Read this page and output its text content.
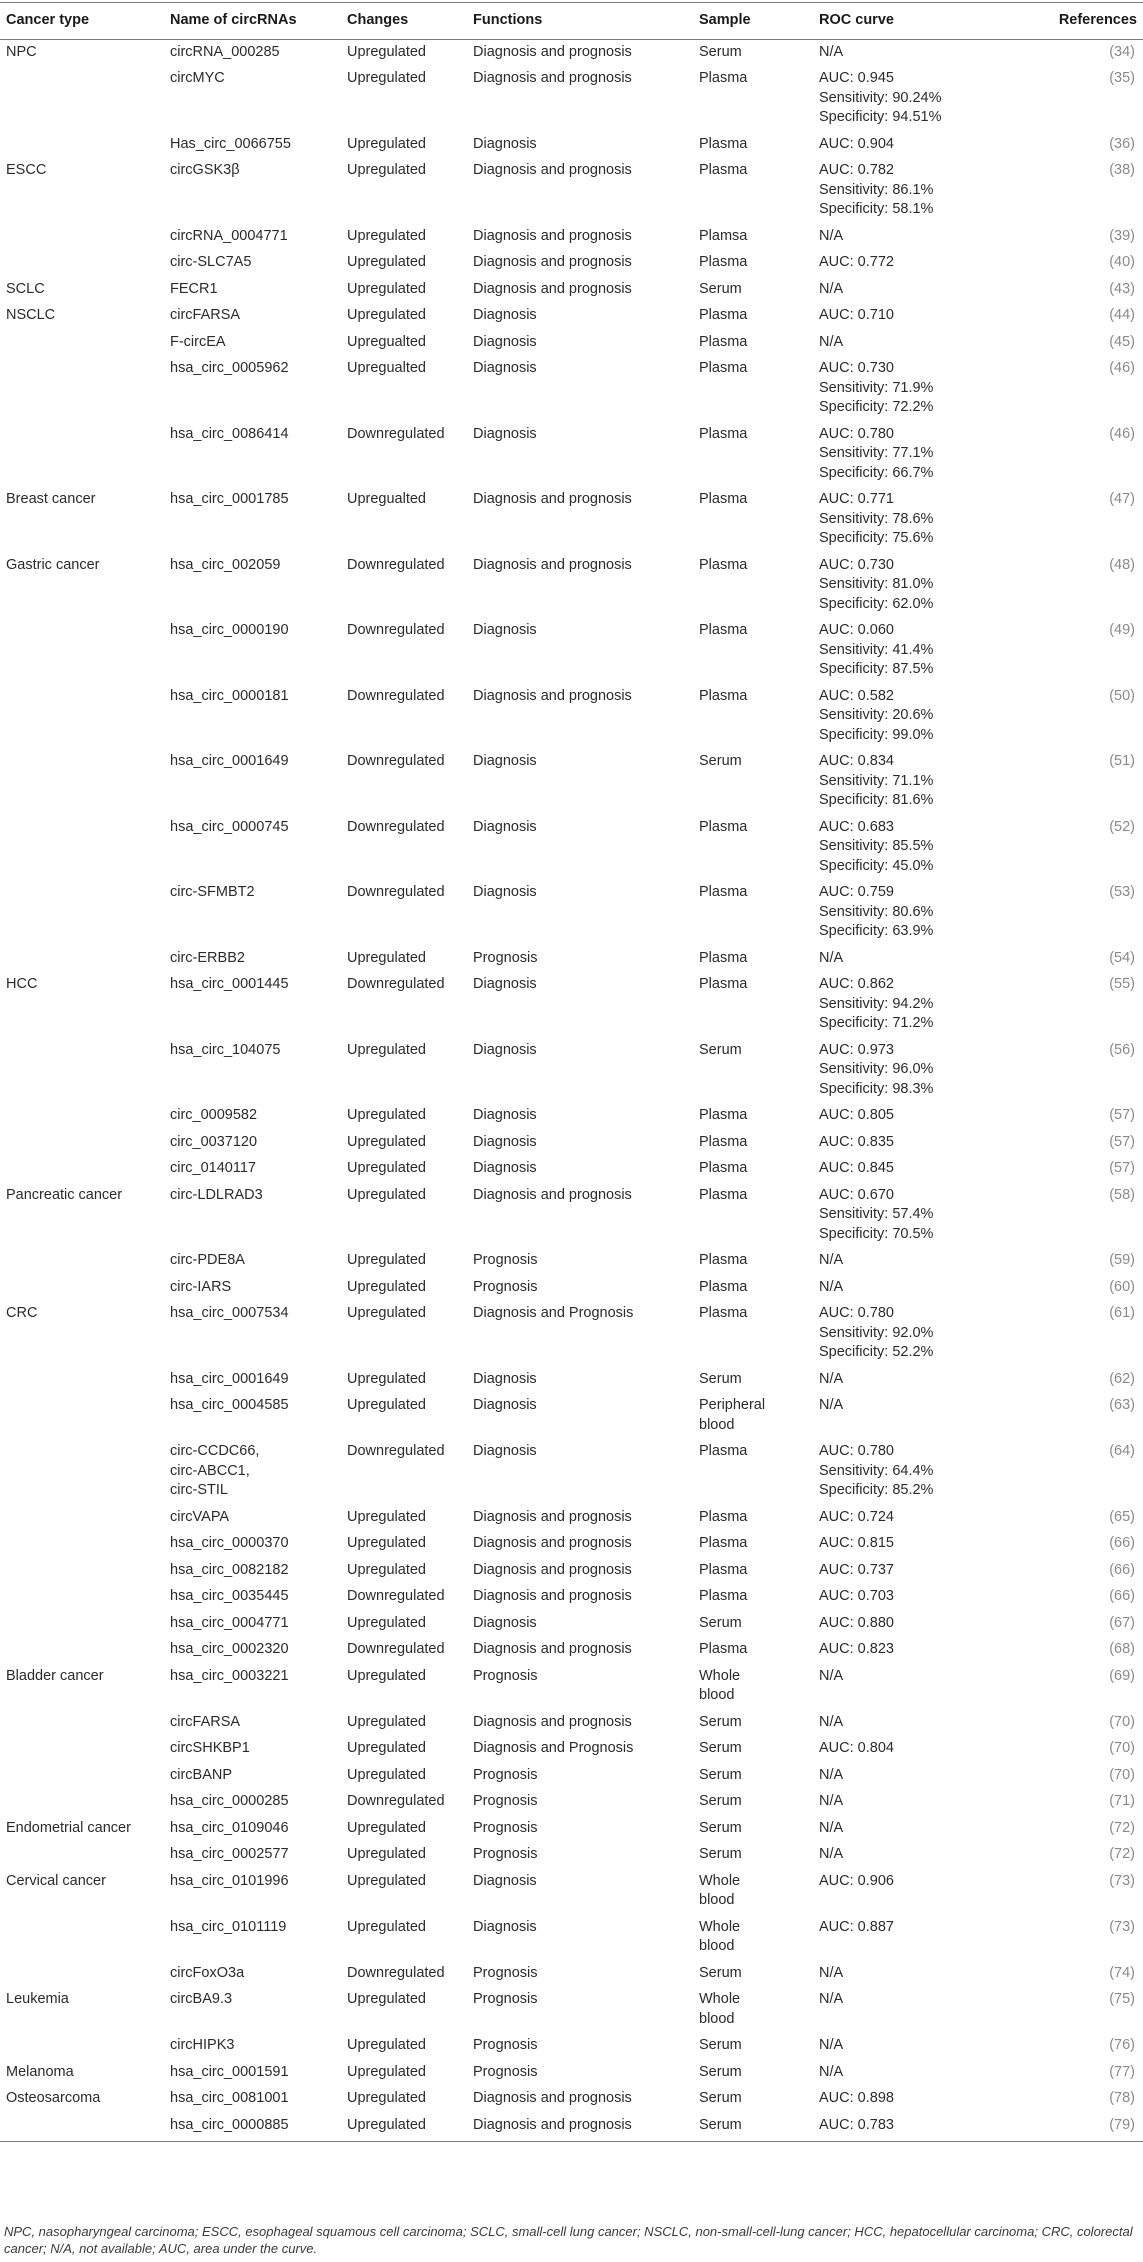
Cancer type	Name of circRNAs	Changes	Functions	Sample	ROC curve	References
NPC	circRNA_000285	Upregulated	Diagnosis and prognosis	Serum	N/A	(34)

	circMYC	Upregulated	Diagnosis and prognosis	Plasma	AUC: 0.945
Sensitivity: 90.24%
Specificity: 94.51%	(35)

	Has_circ_0066755	Upregulated	Diagnosis	Plasma	AUC: 0.904	(36)
ESCC	circGSK3β	Upregulated	Diagnosis and prognosis	Plasma	AUC: 0.782
Sensitivity: 86.1%
Specificity: 58.1%	(38)

	circRNA_0004771	Upregulated	Diagnosis and prognosis	Plamsa	N/A	(39)

	circ-SLC7A5	Upregulated	Diagnosis and prognosis	Plasma	AUC: 0.772	(40)
SCLC	FECR1	Upregulated	Diagnosis and prognosis	Serum	N/A	(43)
NSCLC	circFARSA	Upregulated	Diagnosis	Plasma	AUC: 0.710	(44)

	F-circEA	Upregualted	Diagnosis	Plasma	N/A	(45)

	hsa_circ_0005962	Upregualted	Diagnosis	Plasma	AUC: 0.730
Sensitivity: 71.9%
Specificity: 72.2%	(46)

	hsa_circ_0086414	Downregulated	Diagnosis	Plasma	AUC: 0.780
Sensitivity: 77.1%
Specificity: 66.7%	(46)
Breast cancer	hsa_circ_0001785	Upregualted	Diagnosis and prognosis	Plasma	AUC: 0.771
Sensitivity: 78.6%
Specificity: 75.6%	(47)
Gastric cancer	hsa_circ_002059	Downregulated	Diagnosis and prognosis	Plasma	AUC: 0.730
Sensitivity: 81.0%
Specificity: 62.0%	(48)

	hsa_circ_0000190	Downregulated	Diagnosis	Plasma	AUC: 0.060
Sensitivity: 41.4%
Specificity: 87.5%	(49)

	hsa_circ_0000181	Downregulated	Diagnosis and prognosis	Plasma	AUC: 0.582
Sensitivity: 20.6%
Specificity: 99.0%	(50)

	hsa_circ_0001649	Downregulated	Diagnosis	Serum	AUC: 0.834
Sensitivity: 71.1%
Specificity: 81.6%	(51)

	hsa_circ_0000745	Downregulated	Diagnosis	Plasma	AUC: 0.683
Sensitivity: 85.5%
Specificity: 45.0%	(52)

	circ-SFMBT2	Downregulated	Diagnosis	Plasma	AUC: 0.759
Sensitivity: 80.6%
Specificity: 63.9%	(53)

	circ-ERBB2	Upregulated	Prognosis	Plasma	N/A	(54)
HCC	hsa_circ_0001445	Downregulated	Diagnosis	Plasma	AUC: 0.862
Sensitivity: 94.2%
Specificity: 71.2%	(55)

	hsa_circ_104075	Upregulated	Diagnosis	Serum	AUC: 0.973
Sensitivity: 96.0%
Specificity: 98.3%	(56)

	circ_0009582	Upregulated	Diagnosis	Plasma	AUC: 0.805	(57)

	circ_0037120	Upregulated	Diagnosis	Plasma	AUC: 0.835	(57)

	circ_0140117	Upregulated	Diagnosis	Plasma	AUC: 0.845	(57)
Pancreatic cancer	circ-LDLRAD3	Upregulated	Diagnosis and prognosis	Plasma	AUC: 0.670
Sensitivity: 57.4%
Specificity: 70.5%	(58)

	circ-PDE8A	Upregulated	Prognosis	Plasma	N/A	(59)

	circ-IARS	Upregulated	Prognosis	Plasma	N/A	(60)
CRC	hsa_circ_0007534	Upregulated	Diagnosis and Prognosis	Plasma	AUC: 0.780
Sensitivity: 92.0%
Specificity: 52.2%	(61)

	hsa_circ_0001649	Upregulated	Diagnosis	Serum	N/A	(62)

	hsa_circ_0004585	Upregulated	Diagnosis	Peripheral
blood	N/A	(63)

	circ-CCDC66,
circ-ABCC1,
circ-STIL	Downregulated	Diagnosis	Plasma	AUC: 0.780
Sensitivity: 64.4%
Specificity: 85.2%	(64)

	circVAPA	Upregulated	Diagnosis and prognosis	Plasma	AUC: 0.724	(65)

	hsa_circ_0000370	Upregulated	Diagnosis and prognosis	Plasma	AUC: 0.815	(66)

	hsa_circ_0082182	Upregulated	Diagnosis and prognosis	Plasma	AUC: 0.737	(66)

	hsa_circ_0035445	Downregulated	Diagnosis and prognosis	Plasma	AUC: 0.703	(66)

	hsa_circ_0004771	Upregulated	Diagnosis	Serum	AUC: 0.880	(67)

	hsa_circ_0002320	Downregulated	Diagnosis and prognosis	Plasma	AUC: 0.823	(68)
Bladder cancer	hsa_circ_0003221	Upregulated	Prognosis	Whole
blood	N/A	(69)

	circFARSA	Upregulated	Diagnosis and prognosis	Serum	N/A	(70)

	circSHKBP1	Upregulated	Diagnosis and Prognosis	Serum	AUC: 0.804	(70)

	circBANP	Upregulated	Prognosis	Serum	N/A	(70)

	hsa_circ_0000285	Downregulated	Prognosis	Serum	N/A	(71)
Endometrial cancer	hsa_circ_0109046	Upregulated	Prognosis	Serum	N/A	(72)

	hsa_circ_0002577	Upregulated	Prognosis	Serum	N/A	(72)
Cervical cancer	hsa_circ_0101996	Upregulated	Diagnosis	Whole
blood	AUC: 0.906	(73)

	hsa_circ_0101119	Upregulated	Diagnosis	Whole
blood	AUC: 0.887	(73)

	circFoxO3a	Downregulated	Prognosis	Serum	N/A	(74)
Leukemia	circBA9.3	Upregulated	Prognosis	Whole
blood	N/A	(75)

	circHIPK3	Upregulated	Prognosis	Serum	N/A	(76)
Melanoma	hsa_circ_0001591	Upregulated	Prognosis	Serum	N/A	(77)
Osteosarcoma	hsa_circ_0081001	Upregulated	Diagnosis and prognosis	Serum	AUC: 0.898	(78)

	hsa_circ_0000885	Upregulated	Diagnosis and prognosis	Serum	AUC: 0.783	(79)
NPC, nasopharyngeal carcinoma; ESCC, esophageal squamous cell carcinoma; SCLC, small-cell lung cancer; NSCLC, non-small-cell-lung cancer; HCC, hepatocellular carcinoma; CRC, colorectal cancer; N/A, not available; AUC, area under the curve.
